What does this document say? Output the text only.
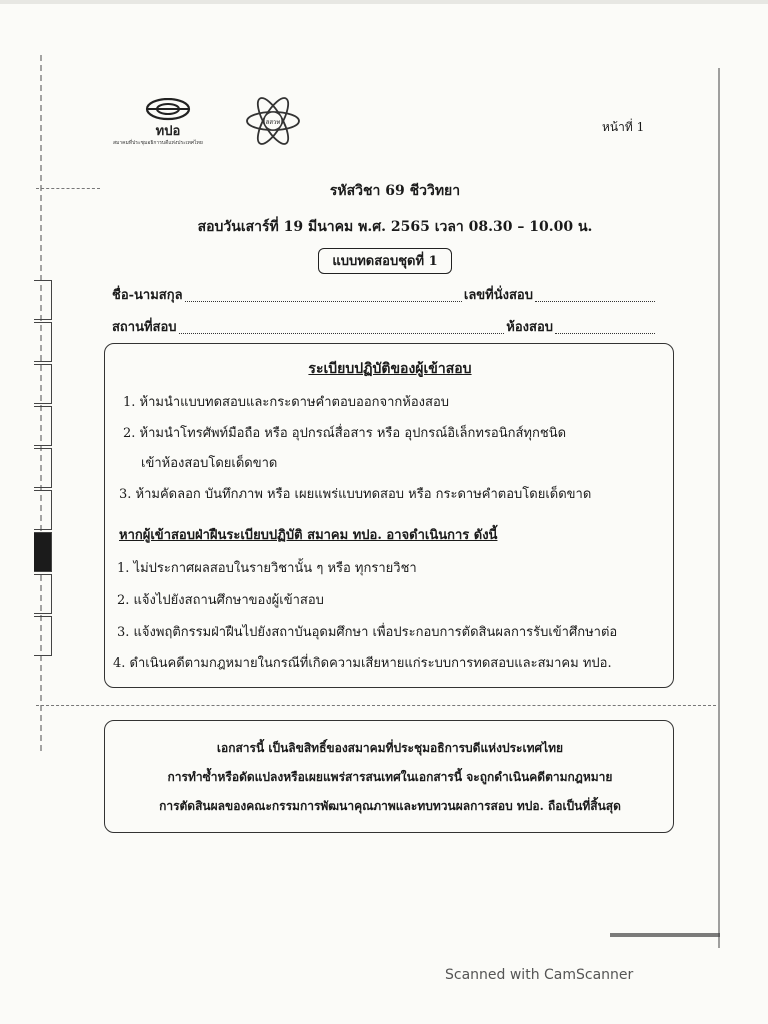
ทปอ
สมาคมที่ประชุมอธิการบดีแห่งประเทศไทย
สสวท	หน้าที่ 1
รหัสวิชา 69 ชีววิทยา
สอบวันเสาร์ที่ 19 มีนาคม พ.ศ. 2565 เวลา 08.30 – 10.00 น.
แบบทดสอบชุดที่ 1
ชื่อ-นามสกุล	เลขที่นั่งสอบ
สถานที่สอบ	ห้องสอบ
ระเบียบปฏิบัติของผู้เข้าสอบ
1. ห้ามนำแบบทดสอบและกระดาษคำตอบออกจากห้องสอบ
2. ห้ามนำโทรศัพท์มือถือ หรือ อุปกรณ์สื่อสาร หรือ อุปกรณ์อิเล็กทรอนิกส์ทุกชนิด
เข้าห้องสอบโดยเด็ดขาด
3. ห้ามคัดลอก บันทึกภาพ หรือ เผยแพร่แบบทดสอบ หรือ กระดาษคำตอบโดยเด็ดขาด
หากผู้เข้าสอบฝ่าฝืนระเบียบปฏิบัติ สมาคม ทปอ. อาจดำเนินการ ดังนี้
1. ไม่ประกาศผลสอบในรายวิชานั้น ๆ หรือ ทุกรายวิชา
2. แจ้งไปยังสถานศึกษาของผู้เข้าสอบ
3. แจ้งพฤติกรรมฝ่าฝืนไปยังสถาบันอุดมศึกษา เพื่อประกอบการตัดสินผลการรับเข้าศึกษาต่อ
4. ดำเนินคดีตามกฎหมายในกรณีที่เกิดความเสียหายแก่ระบบการทดสอบและสมาคม ทปอ.
เอกสารนี้ เป็นลิขสิทธิ์ของสมาคมที่ประชุมอธิการบดีแห่งประเทศไทย
การทำซ้ำหรือดัดแปลงหรือเผยแพร่สารสนเทศในเอกสารนี้ จะถูกดำเนินคดีตามกฎหมาย
การตัดสินผลของคณะกรรมการพัฒนาคุณภาพและทบทวนผลการสอบ ทปอ. ถือเป็นที่สิ้นสุด
Scanned with CamScanner
